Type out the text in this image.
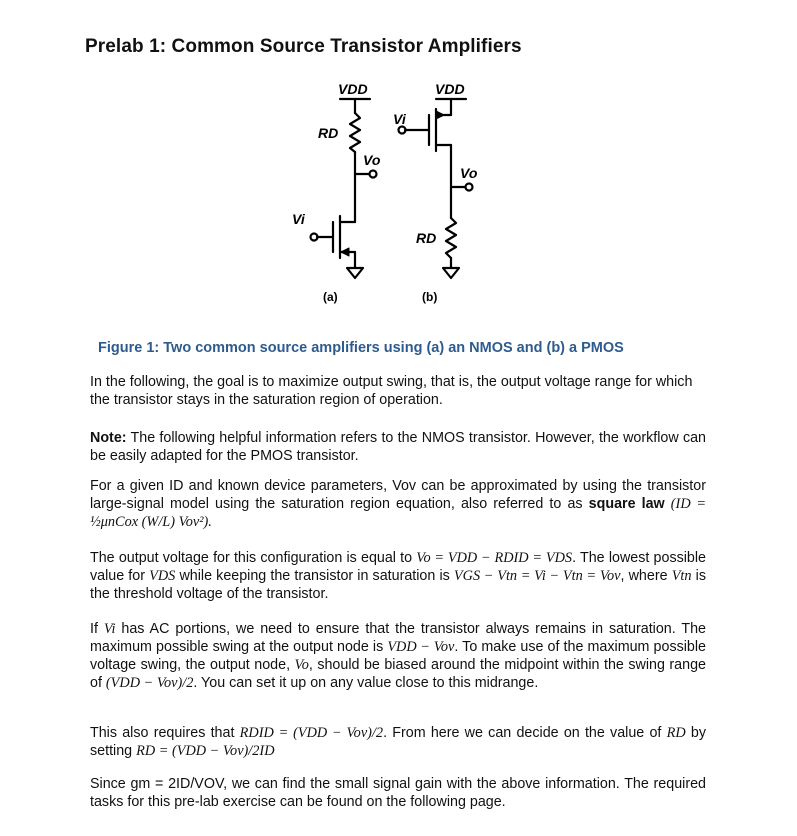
Prelab 1: Common Source Transistor Amplifiers
VDD
RD
Vo
Vi
VDD
Vi
Vo
RD
(a)	(b)
Figure 1: Two common source amplifiers using (a) an NMOS and (b) a PMOS
In the following, the goal is to maximize output swing, that is, the output voltage range for which the transistor stays in the saturation region of operation.
Note: The following helpful information refers to the NMOS transistor. However, the workflow can be easily adapted for the PMOS transistor.
For a given ID and known device parameters, Vov can be approximated by using the transistor large-signal model using the saturation region equation, also referred to as square law (ID = ½μnCox (W/L) Vov²).
The output voltage for this configuration is equal to Vo = VDD − RDID = VDS. The lowest possible value for VDS while keeping the transistor in saturation is VGS − Vtn = Vi − Vtn = Vov, where Vtn is the threshold voltage of the transistor.
If Vi has AC portions, we need to ensure that the transistor always remains in saturation. The maximum possible swing at the output node is VDD − Vov. To make use of the maximum possible voltage swing, the output node, Vo, should be biased around the midpoint within the swing range of (VDD − Vov)/2. You can set it up on any value close to this midrange.
This also requires that RDID = (VDD − Vov)/2. From here we can decide on the value of RD by setting RD = (VDD − Vov)/2ID
Since gm = 2ID/VOV, we can find the small signal gain with the above information. The required tasks for this pre-lab exercise can be found on the following page.
